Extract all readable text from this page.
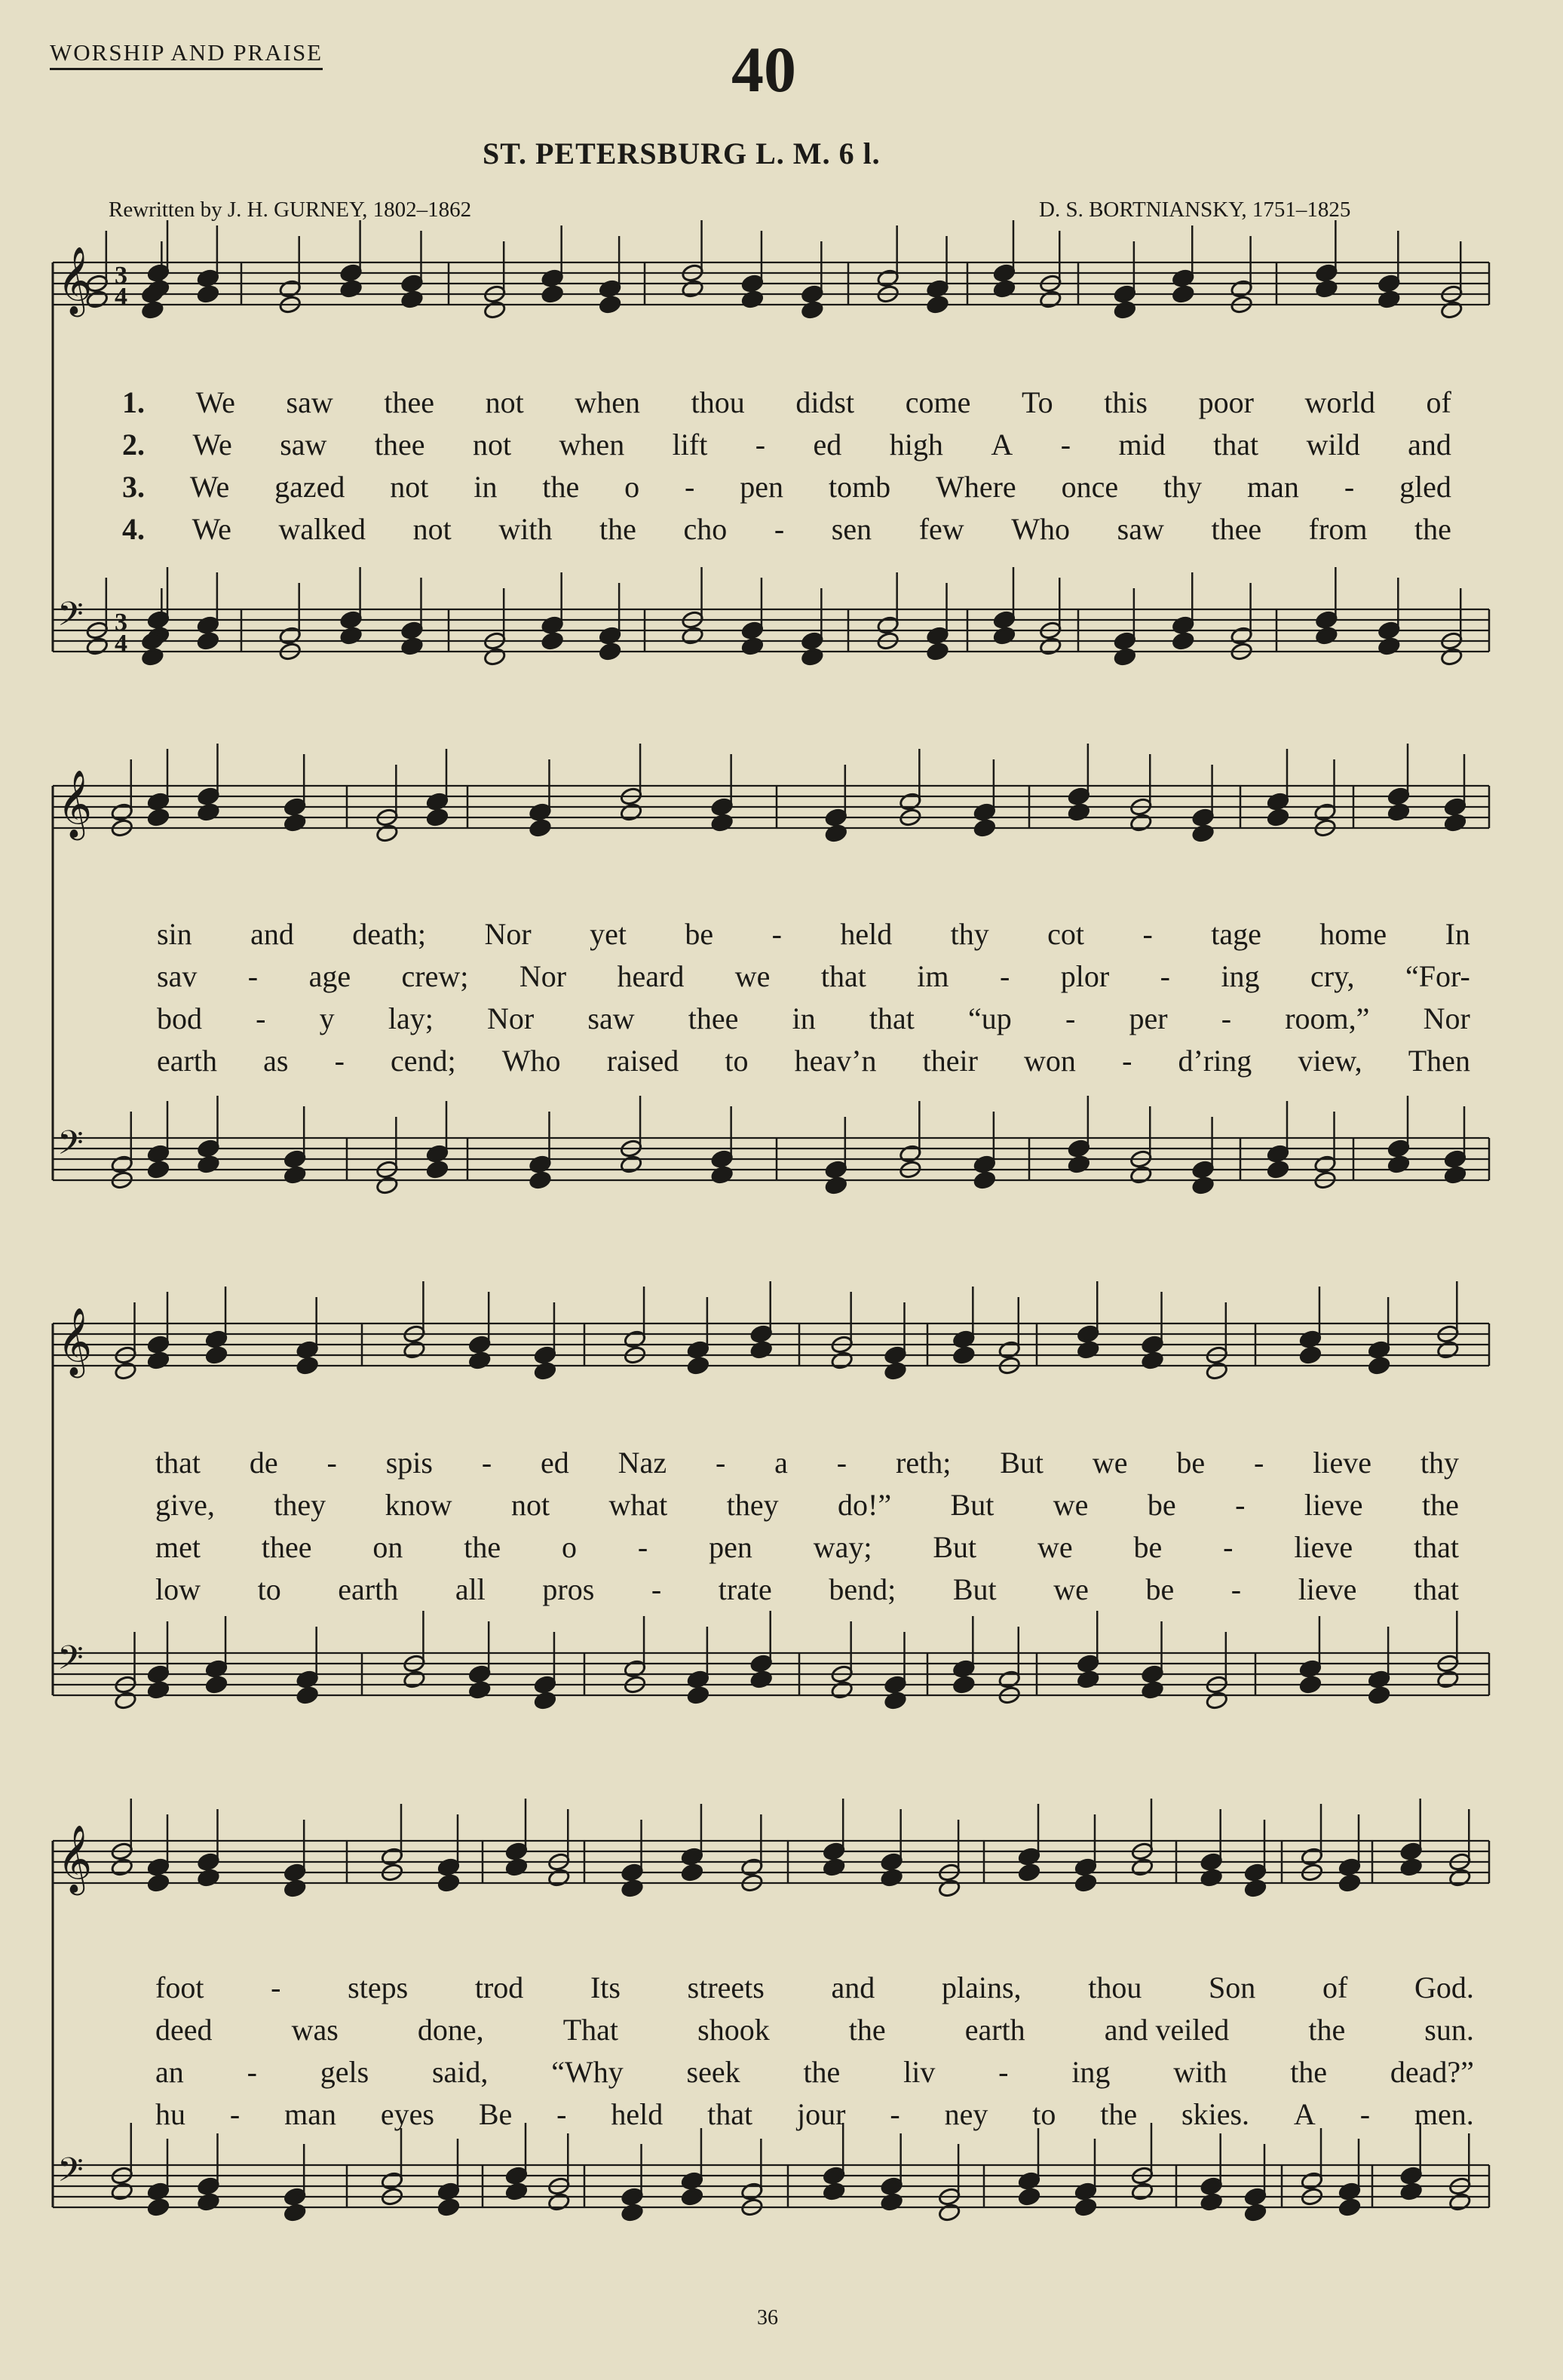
WORSHIP AND PRAISE	40
ST. PETERSBURG L. M. 6 l.
Rewritten by J. H. GURNEY, 1802–1862	D. S. BORTNIANSKY, 1751–1825
𝄞 3
4
𝄢 3
4
𝄞
𝄢
𝄞
𝄢
𝄞
𝄢
1. We saw thee not when thou didst come To this poor world of
2. We saw thee not when lift - ed high A - mid that wild and
3. We gazed not in the o - pen tomb Where once thy man - gled
4. We walked not with the cho - sen few Who saw thee from the
sin and death; Nor yet be - held thy cot - tage home In
sav - age crew; Nor heard we that im - plor - ing cry, “For-
bod - y lay; Nor saw thee in that “up - per - room,” Nor
earth as - cend; Who raised to heav’n their won - d’ring view, Then
that de - spis - ed Naz - a - reth; But we be - lieve thy
give, they know not what they do!” But we be - lieve the
met thee on the o - pen way; But we be - lieve that
low to earth all pros - trate bend; But we be - lieve that
foot - steps trod Its streets and plains, thou Son of God.
deed	was	done,	That	shook	the	earth	and veiled	the	sun.
an - gels said, “Why seek the liv - ing with the dead?”
hu - man eyes Be - held that jour - ney to the skies. A - men.
36
